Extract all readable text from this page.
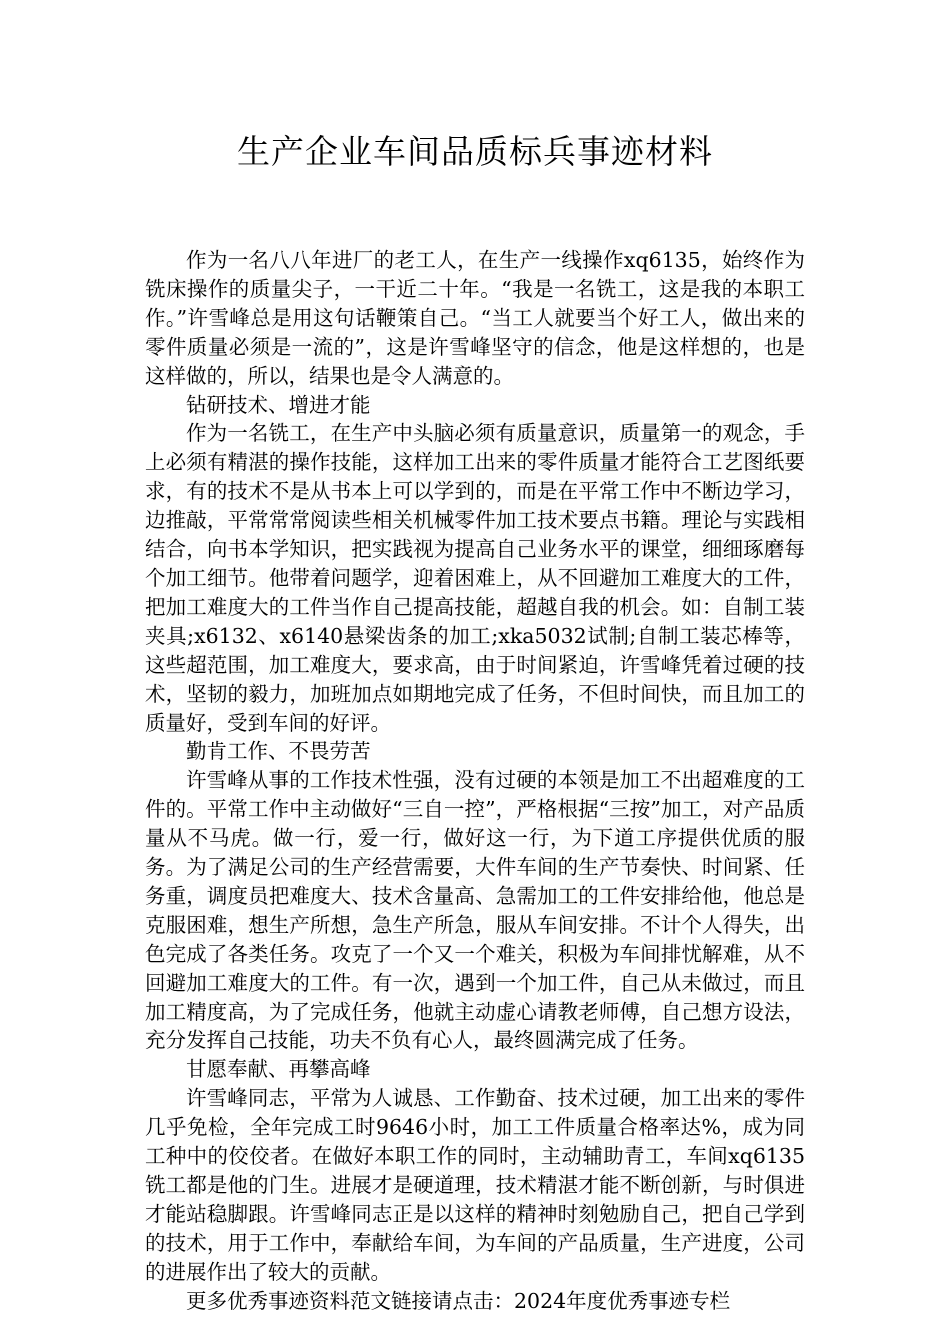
生产企业车间品质标兵事迹材料

作为一名八八年进厂的老工人，在生产一线操作xq6135，始终作为铣床操作的质量尖子，一干近二十年。“我是一名铣工，这是我的本职工作。”许雪峰总是用这句话鞭策自己。“当工人就要当个好工人，做出来的零件质量必须是一流的”，这是许雪峰坚守的信念，他是这样想的，也是这样做的，所以，结果也是令人满意的。

钻研技术、增进才能

作为一名铣工，在生产中头脑必须有质量意识，质量第一的观念，手上必须有精湛的操作技能，这样加工出来的零件质量才能符合工艺图纸要求，有的技术不是从书本上可以学到的，而是在平常工作中不断边学习，边推敲，平常常常阅读些相关机械零件加工技术要点书籍。理论与实践相结合，向书本学知识，把实践视为提高自己业务水平的课堂，细细琢磨每个加工细节。他带着问题学，迎着困难上，从不回避加工难度大的工件，把加工难度大的工件当作自己提高技能，超越自我的机会。如：自制工装夹具;x6132、x6140悬梁齿条的加工;xka5032试制;自制工装芯棒等，这些超范围，加工难度大，要求高，由于时间紧迫，许雪峰凭着过硬的技术，坚韧的毅力，加班加点如期地完成了任务，不但时间快，而且加工的质量好，受到车间的好评。

勤肯工作、不畏劳苦

许雪峰从事的工作技术性强，没有过硬的本领是加工不出超难度的工件的。平常工作中主动做好“三自一控”，严格根据“三按”加工，对产品质量从不马虎。做一行，爱一行，做好这一行，为下道工序提供优质的服务。为了满足公司的生产经营需要，大件车间的生产节奏快、时间紧、任务重，调度员把难度大、技术含量高、急需加工的工件安排给他，他总是克服困难，想生产所想，急生产所急，服从车间安排。不计个人得失，出色完成了各类任务。攻克了一个又一个难关，积极为车间排忧解难，从不回避加工难度大的工件。有一次，遇到一个加工件，自己从未做过，而且加工精度高，为了完成任务，他就主动虚心请教老师傅，自己想方设法，充分发挥自己技能，功夫不负有心人，最终圆满完成了任务。

甘愿奉献、再攀高峰

许雪峰同志，平常为人诚恳、工作勤奋、技术过硬，加工出来的零件几乎免检，全年完成工时9646小时，加工工件质量合格率达%，成为同工种中的佼佼者。在做好本职工作的同时，主动辅助青工，车间xq6135铣工都是他的门生。进展才是硬道理，技术精湛才能不断创新，与时俱进才能站稳脚跟。许雪峰同志正是以这样的精神时刻勉励自己，把自己学到的技术，用于工作中，奉献给车间，为车间的产品质量，生产进度，公司的进展作出了较大的贡献。

更多优秀事迹资料范文链接请点击：2024年度优秀事迹专栏
